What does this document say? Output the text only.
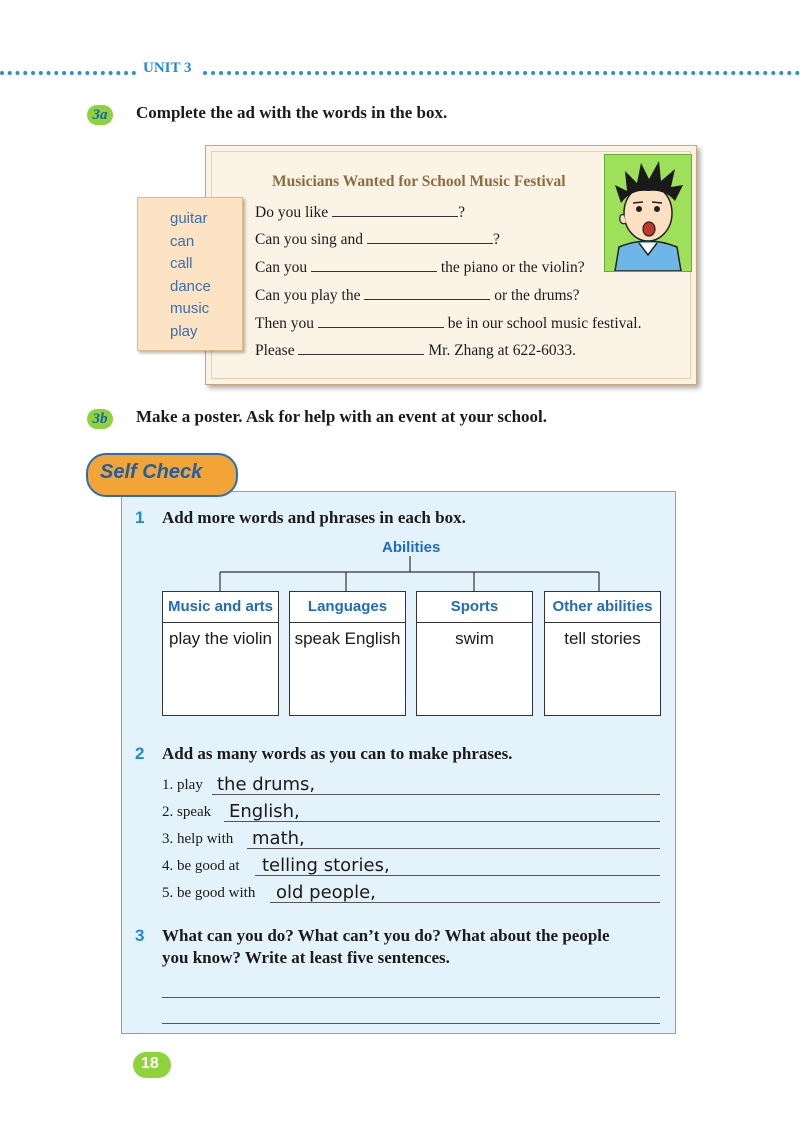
UNIT 3
3a	Complete the ad with the words in the box.
Musicians Wanted for School Music Festival
Do you like	?
Can you sing and	?
Can you	the piano or the violin?
Can you play the	or the drums?
Then you	be in our school music festival.
Please	Mr. Zhang at 622-6033.
guitar
can
call
dance
music
play
3b	Make a poster. Ask for help with an event at your school.
Self Check
1 Add more words and phrases in each box.
Abilities
Music and arts
play the violin
Languages
speak English
Sports
swim
Other abilities
tell stories
2 Add as many words as you can to make phrases.
1. play the drums,
2. speak English,
3. help with math,
4. be good at telling stories,
5. be good with old people,
3 What can you do? What can’t you do? What about the people
you know? Write at least five sentences.
18
